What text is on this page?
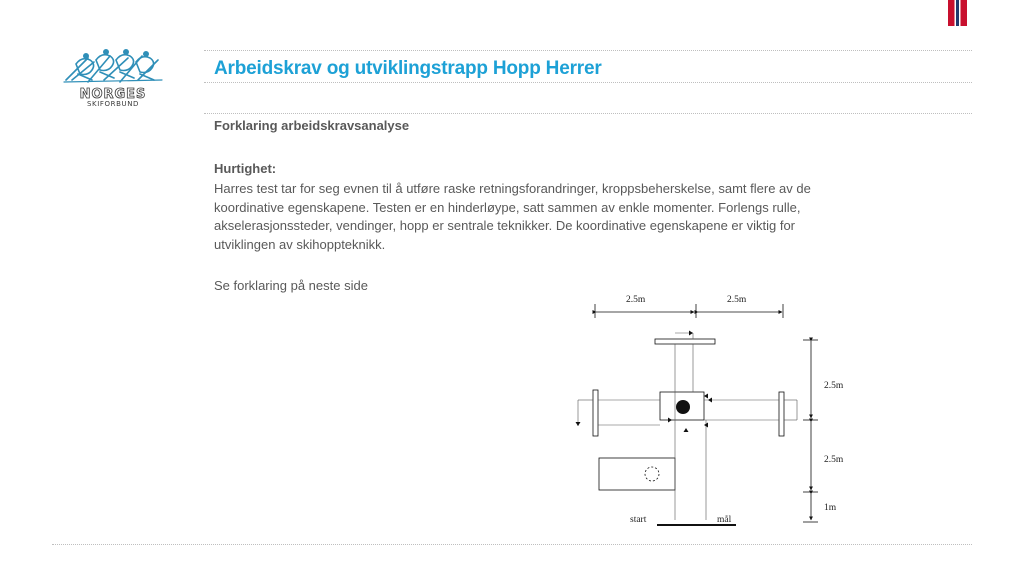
NORGES
SKIFORBUND
Arbeidskrav og utviklingstrapp Hopp Herrer
Forklaring arbeidskravsanalyse
Hurtighet:
Harres test tar for seg evnen til å utføre raske retningsforandringer, kroppsbeherskelse, samt flere av de koordinative egenskapene. Testen er en hinderløype, satt sammen av enkle momenter. Forlengs rulle, akselerasjonssteder, vendinger, hopp er sentrale teknikker. De koordinative egenskapene er viktig for utviklingen av skihoppteknikk.
Se forklaring på neste side
2.5m	2.5m
2.5m
2.5m
1m
start	mål
